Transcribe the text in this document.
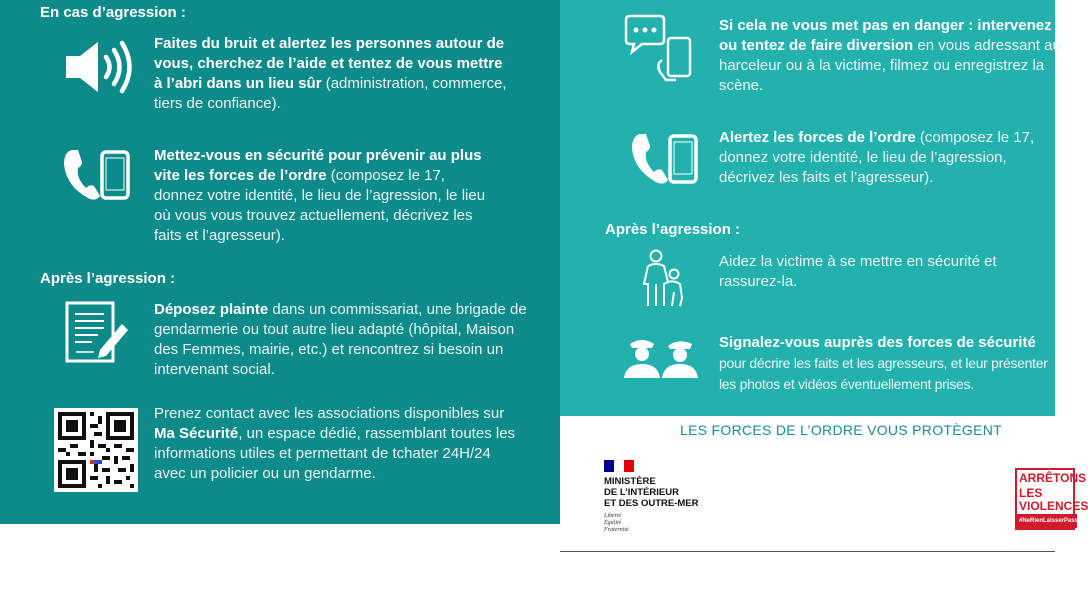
En cas d’agression :
Faites du bruit et alertez les personnes autour de vous, cherchez de l’aide et tentez de vous mettre à l’abri dans un lieu sûr (administration, commerce, tiers de confiance).
Mettez-vous en sécurité pour prévenir au plus vite les forces de l’ordre (composez le 17, donnez votre identité, le lieu de l’agression, le lieu où vous vous trouvez actuellement, décrivez les faits et l’agresseur).
Après l’agression :
Déposez plainte dans un commissariat, une brigade de gendarmerie ou tout autre lieu adapté (hôpital, Maison des Femmes, mairie, etc.) et rencontrez si besoin un intervenant social.
Prenez contact avec les associations disponibles sur Ma Sécurité, un espace dédié, rassemblant toutes les informations utiles et permettant de tchater 24H/24 avec un policier ou un gendarme.
Si cela ne vous met pas en danger : intervenez ou tentez de faire diversion en vous adressant au harceleur ou à la victime, filmez ou enregistrez la scène.
Alertez les forces de l’ordre (composez le 17, donnez votre identité, le lieu de l’agression, décrivez les faits et l’agresseur).
Après l’agression :
Aidez la victime à se mettre en sécurité et rassurez-la.
Signalez-vous auprès des forces de sécurité pour décrire les faits et les agresseurs, et leur présenter les photos et vidéos éventuellement prises.
LES FORCES DE L’ORDRE VOUS PROTÈGENT
MINISTÈRE
DE L’INTÉRIEUR
ET DES OUTRE-MER
Liberté
Égalité
Fraternité
ARRÊTONS
LES
VIOLENCES
#NeRienLaisserPasser
